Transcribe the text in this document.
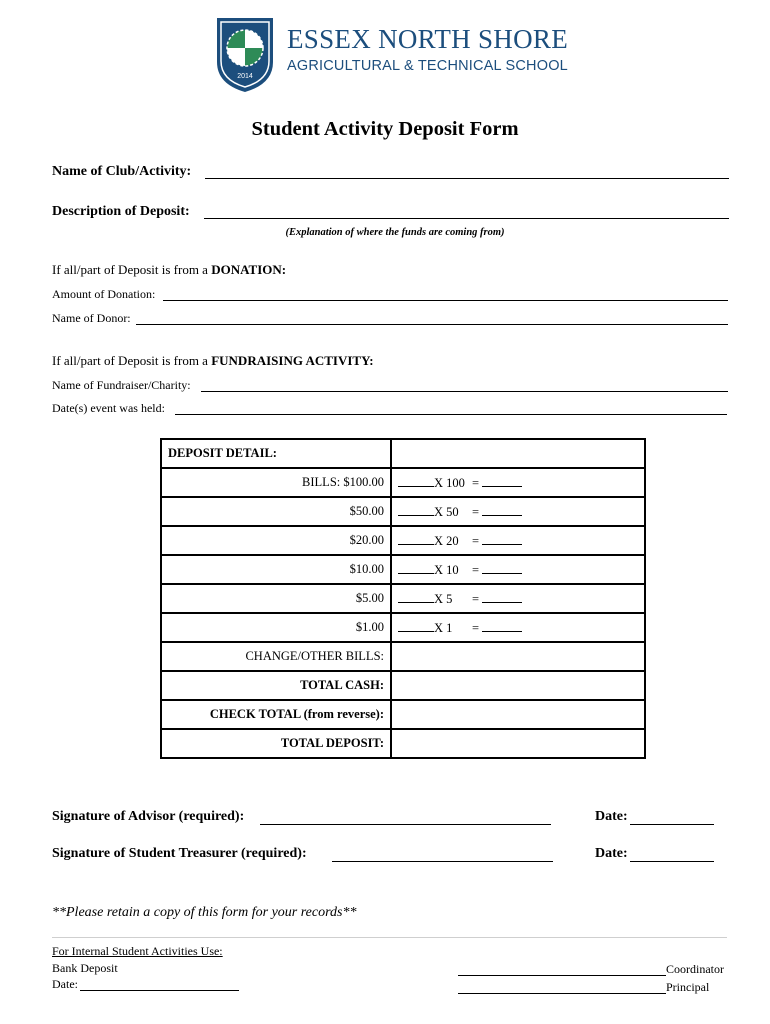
2014
ESSEX NORTH SHORE
AGRICULTURAL & TECHNICAL SCHOOL
Student Activity Deposit Form
Name of Club/Activity:
Description of Deposit:
(Explanation of where the funds are coming from)
If all/part of Deposit is from a DONATION:
Amount of Donation:
Name of Donor:
If all/part of Deposit is from a FUNDRAISING ACTIVITY:
Name of Fundraiser/Charity:
Date(s) event was held:
DEPOSIT DETAIL:	
BILLS: $100.00	X 100 =
$50.00	X 50 =
$20.00	X 20 =
$10.00	X 10 =
$5.00	X 5 =
$1.00	X 1 =
CHANGE/OTHER BILLS:	
TOTAL CASH:	
CHECK TOTAL (from reverse):	
TOTAL DEPOSIT:	
Signature of Advisor (required):	Date:
Signature of Student Treasurer (required):	Date:
**Please retain a copy of this form for your records**
For Internal Student Activities Use:
Bank Deposit
Date:
Coordinator
Principal
